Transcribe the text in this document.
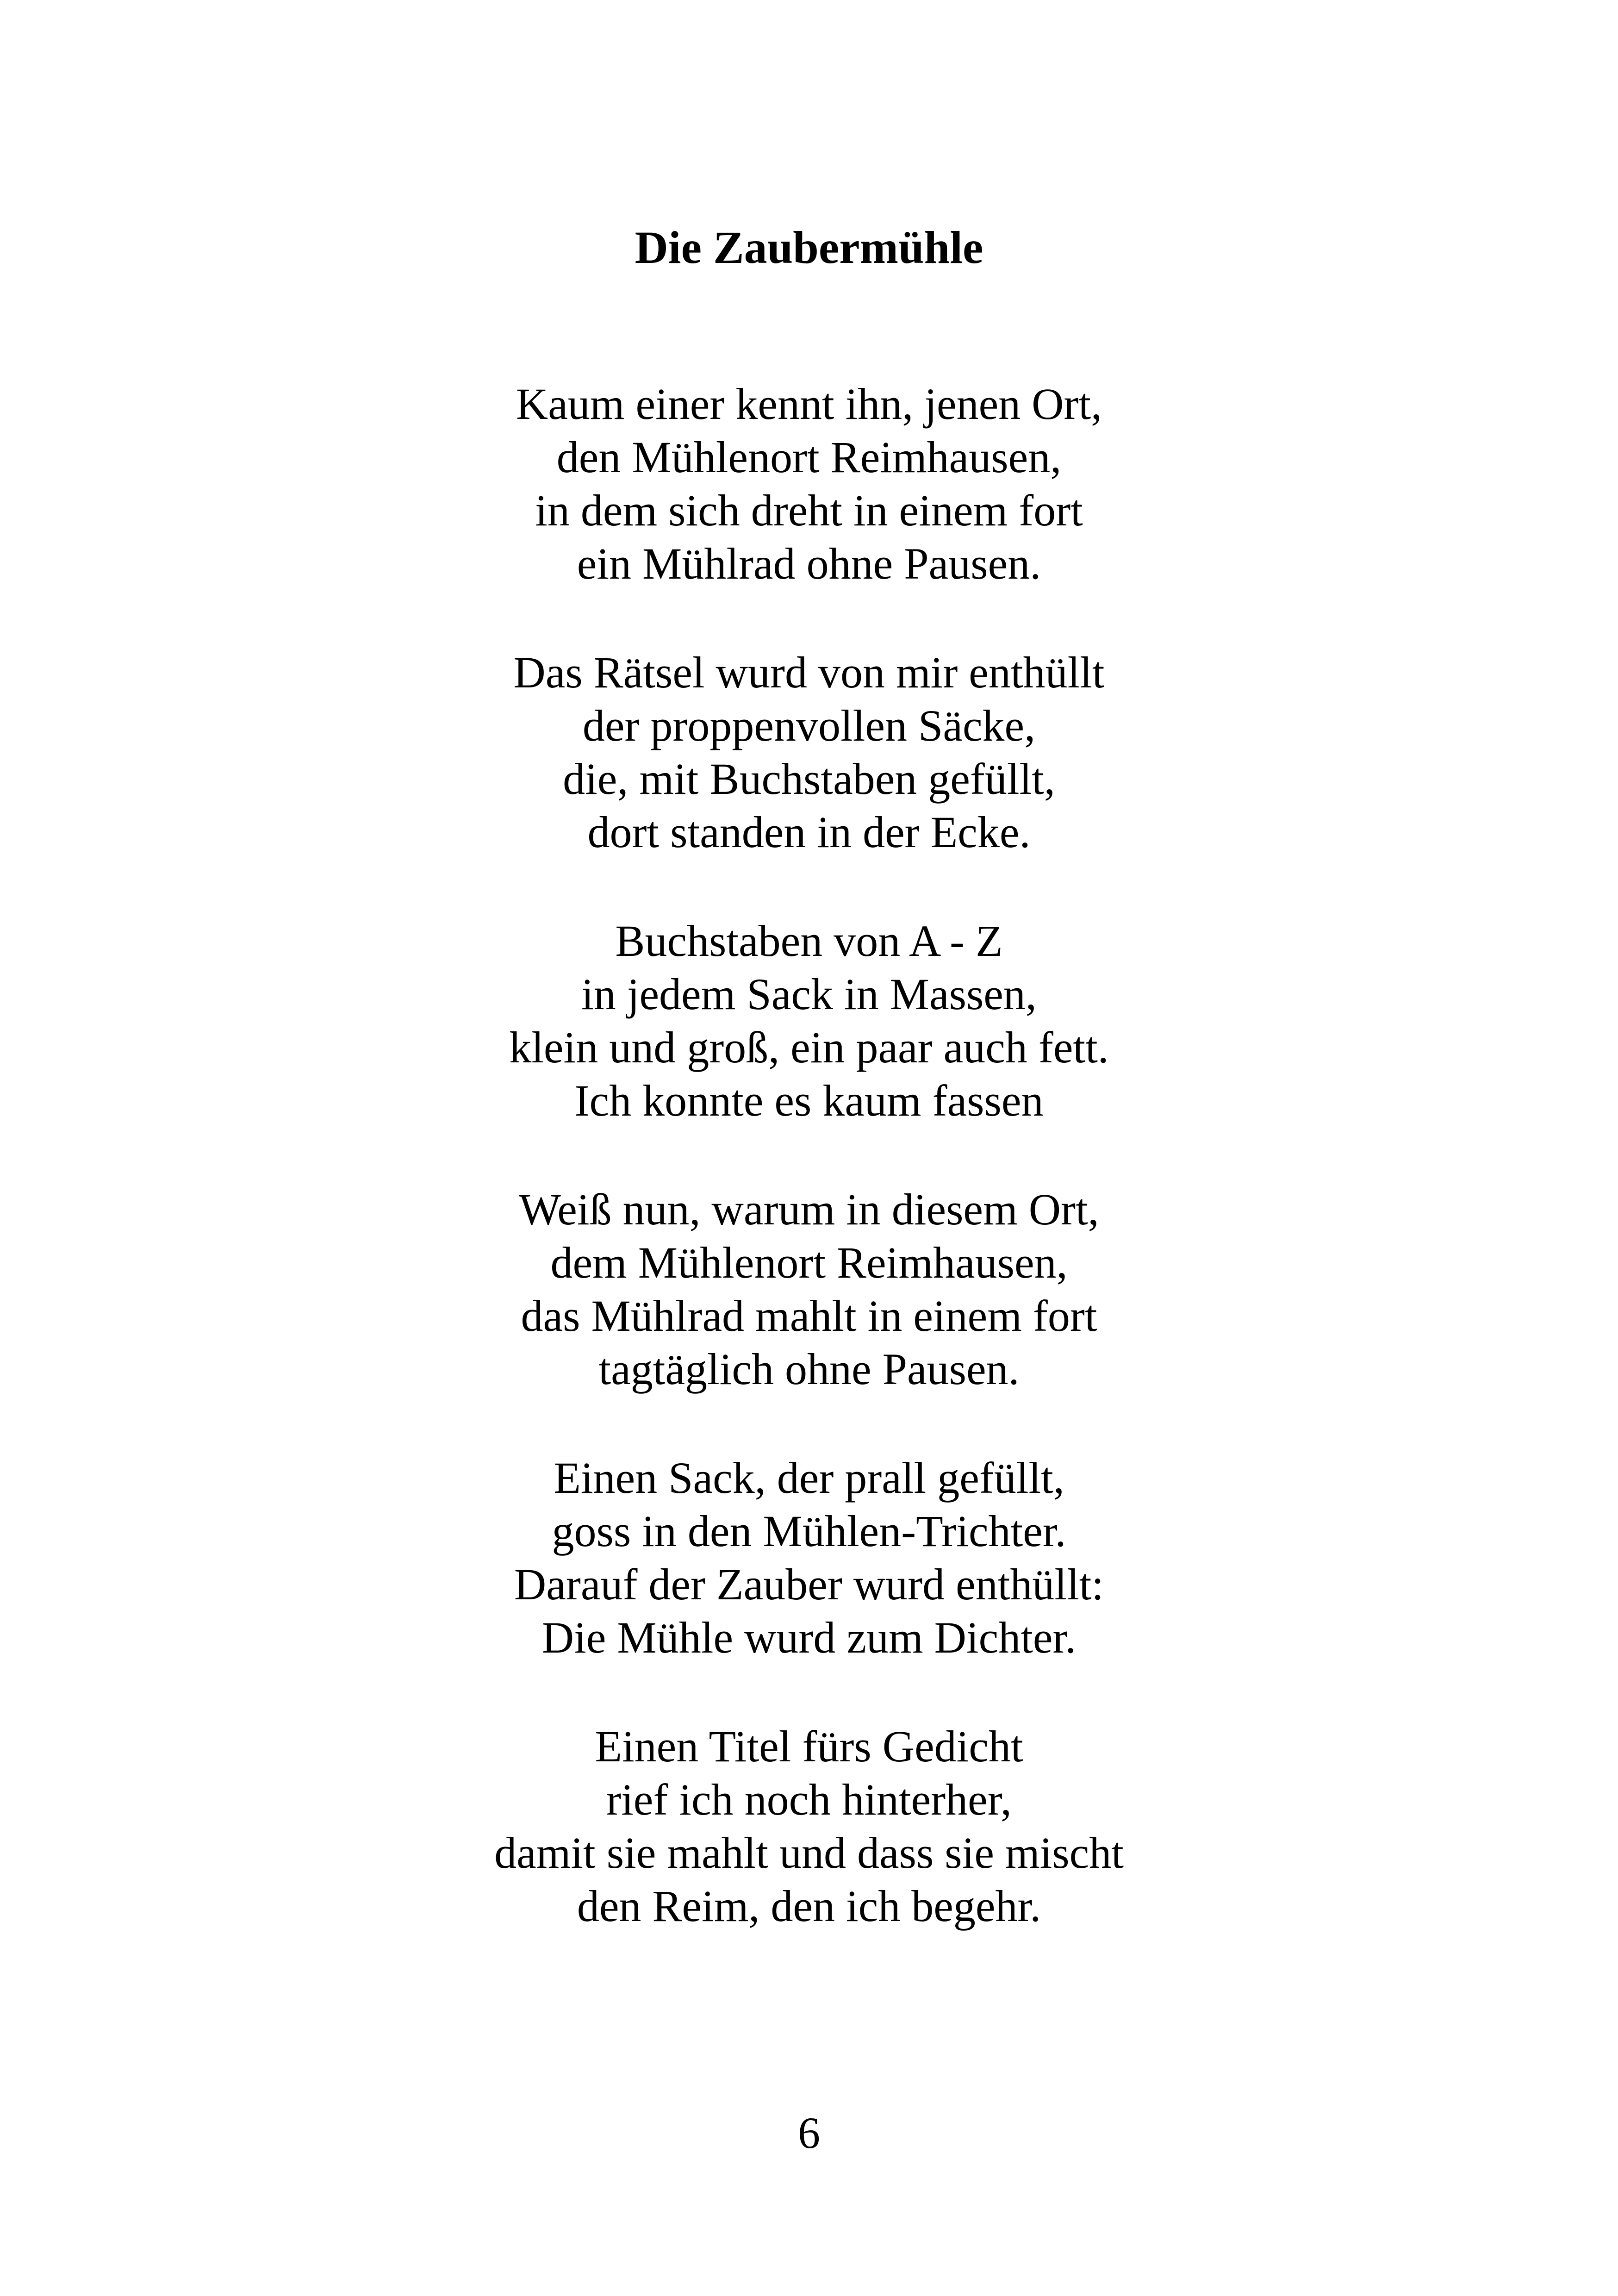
Die Zaubermühle

Kaum einer kennt ihn, jenen Ort,
den Mühlenort Reimhausen,
in dem sich dreht in einem fort
ein Mühlrad ohne Pausen.

Das Rätsel wurd von mir enthüllt
der proppenvollen Säcke,
die, mit Buchstaben gefüllt,
dort standen in der Ecke.

Buchstaben von A - Z
in jedem Sack in Massen,
klein und groß, ein paar auch fett.
Ich konnte es kaum fassen

Weiß nun, warum in diesem Ort,
dem Mühlenort Reimhausen,
das Mühlrad mahlt in einem fort
tagtäglich ohne Pausen.

Einen Sack, der prall gefüllt,
goss in den Mühlen-Trichter.
Darauf der Zauber wurd enthüllt:
Die Mühle wurd zum Dichter.

Einen Titel fürs Gedicht
rief ich noch hinterher,
damit sie mahlt und dass sie mischt
den Reim, den ich begehr.

6
